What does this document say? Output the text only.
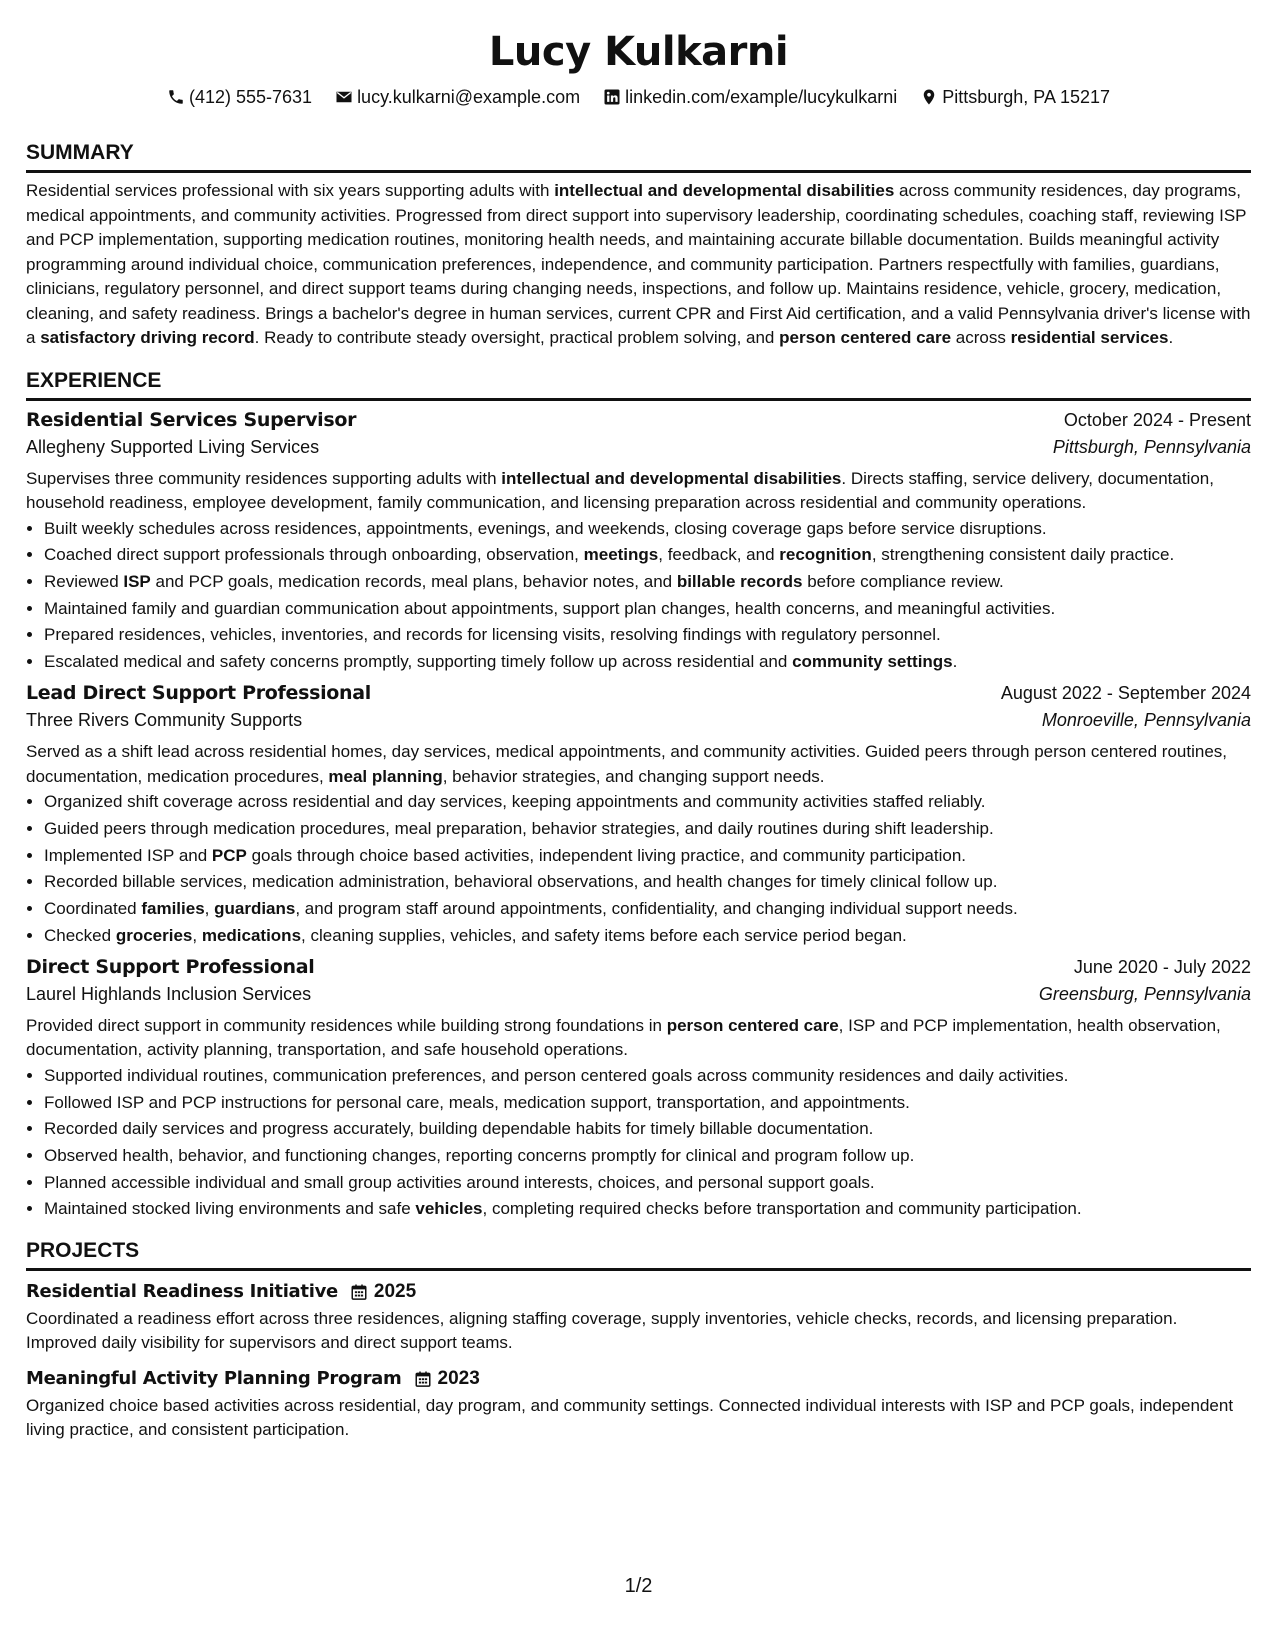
Lucy Kulkarni
(412) 555-7631
	lucy.kulkarni@example.com
	linkedin.com/example/lucykulkarni
	Pittsburgh, PA 15217
SUMMARY
Residential services professional with six years supporting adults with intellectual and developmental disabilities across community residences, day programs, medical appointments, and community activities. Progressed from direct support into supervisory leadership, coordinating schedules, coaching staff, reviewing ISP and PCP implementation, supporting medication routines, monitoring health needs, and maintaining accurate billable documentation. Builds meaningful activity programming around individual choice, communication preferences, independence, and community participation. Partners respectfully with families, guardians, clinicians, regulatory personnel, and direct support teams during changing needs, inspections, and follow up. Maintains residence, vehicle, grocery, medication, cleaning, and safety readiness. Brings a bachelor's degree in human services, current CPR and First Aid certification, and a valid Pennsylvania driver's license with a satisfactory driving record. Ready to contribute steady oversight, practical problem solving, and person centered care across residential services.
EXPERIENCE
Residential Services Supervisor	October 2024 - Present
Allegheny Supported Living Services	Pittsburgh, Pennsylvania
Supervises three community residences supporting adults with intellectual and developmental disabilities. Directs staffing, service delivery, documentation, household readiness, employee development, family communication, and licensing preparation across residential and community operations.
• Built weekly schedules across residences, appointments, evenings, and weekends, closing coverage gaps before service disruptions.
• Coached direct support professionals through onboarding, observation, meetings, feedback, and recognition, strengthening consistent daily practice.
• Reviewed ISP and PCP goals, medication records, meal plans, behavior notes, and billable records before compliance review.
• Maintained family and guardian communication about appointments, support plan changes, health concerns, and meaningful activities.
• Prepared residences, vehicles, inventories, and records for licensing visits, resolving findings with regulatory personnel.
• Escalated medical and safety concerns promptly, supporting timely follow up across residential and community settings.
Lead Direct Support Professional	August 2022 - September 2024
Three Rivers Community Supports	Monroeville, Pennsylvania
Served as a shift lead across residential homes, day services, medical appointments, and community activities. Guided peers through person centered routines, documentation, medication procedures, meal planning, behavior strategies, and changing support needs.
• Organized shift coverage across residential and day services, keeping appointments and community activities staffed reliably.
• Guided peers through medication procedures, meal preparation, behavior strategies, and daily routines during shift leadership.
• Implemented ISP and PCP goals through choice based activities, independent living practice, and community participation.
• Recorded billable services, medication administration, behavioral observations, and health changes for timely clinical follow up.
• Coordinated families, guardians, and program staff around appointments, confidentiality, and changing individual support needs.
• Checked groceries, medications, cleaning supplies, vehicles, and safety items before each service period began.
Direct Support Professional	June 2020 - July 2022
Laurel Highlands Inclusion Services	Greensburg, Pennsylvania
Provided direct support in community residences while building strong foundations in person centered care, ISP and PCP implementation, health observation, documentation, activity planning, transportation, and safe household operations.
• Supported individual routines, communication preferences, and person centered goals across community residences and daily activities.
• Followed ISP and PCP instructions for personal care, meals, medication support, transportation, and appointments.
• Recorded daily services and progress accurately, building dependable habits for timely billable documentation.
• Observed health, behavior, and functioning changes, reporting concerns promptly for clinical and program follow up.
• Planned accessible individual and small group activities around interests, choices, and personal support goals.
• Maintained stocked living environments and safe vehicles, completing required checks before transportation and community participation.
PROJECTS
Residential Readiness Initiative 2025
Coordinated a readiness effort across three residences, aligning staffing coverage, supply inventories, vehicle checks, records, and licensing preparation. Improved daily visibility for supervisors and direct support teams.
Meaningful Activity Planning Program 2023
Organized choice based activities across residential, day program, and community settings. Connected individual interests with ISP and PCP goals, independent living practice, and consistent participation.
1/2
